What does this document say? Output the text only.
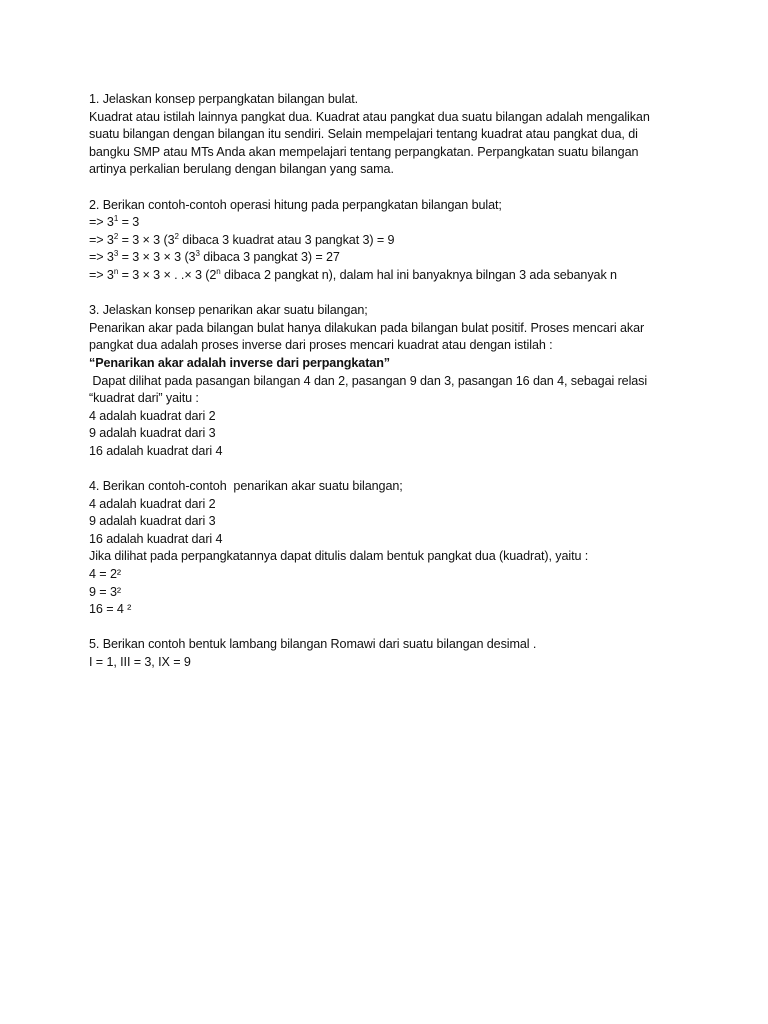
1. Jelaskan konsep perpangkatan bilangan bulat.
Kuadrat atau istilah lainnya pangkat dua. Kuadrat atau pangkat dua suatu bilangan adalah mengalikan
suatu bilangan dengan bilangan itu sendiri. Selain mempelajari tentang kuadrat atau pangkat dua, di
bangku SMP atau MTs Anda akan mempelajari tentang perpangkatan. Perpangkatan suatu bilangan
artinya perkalian berulang dengan bilangan yang sama.
2. Berikan contoh-contoh operasi hitung pada perpangkatan bilangan bulat;
=> $3^1 = 3$
=> $3^2 = 3 \times 3$ ($3^2$ dibaca 3 kuadrat atau 3 pangkat 3) = 9
=> $3^3 = 3 \times 3 \times 3$ ($3^3$ dibaca 3 pangkat 3) = 27
=> $3^n = 3 \times 3$ × . .× 3 (2$^n$ dibaca 2 pangkat n), dalam hal ini banyaknya bilngan 3 ada sebanyak n
3. Jelaskan konsep penarikan akar suatu bilangan;
Penarikan akar pada bilangan bulat hanya dilakukan pada bilangan bulat positif. Proses mencari akar
pangkat dua adalah proses inverse dari proses mencari kuadrat atau dengan istilah :
“Penarikan akar adalah inverse dari perpangkatan”
Dapat dilihat pada pasangan bilangan 4 dan 2, pasangan 9 dan 3, pasangan 16 dan 4, sebagai relasi
“kuadrat dari” yaitu :
4 adalah kuadrat dari 2
9 adalah kuadrat dari 3
16 adalah kuadrat dari 4
4. Berikan contoh-contoh  penarikan akar suatu bilangan;
4 adalah kuadrat dari 2
9 adalah kuadrat dari 3
16 adalah kuadrat dari 4
Jika dilihat pada perpangkatannya dapat ditulis dalam bentuk pangkat dua (kuadrat), yaitu :
4 = 2²
9 = 3²
16 = 4 ²
5. Berikan contoh bentuk lambang bilangan Romawi dari suatu bilangan desimal .
I = 1, III = 3, IX = 9
